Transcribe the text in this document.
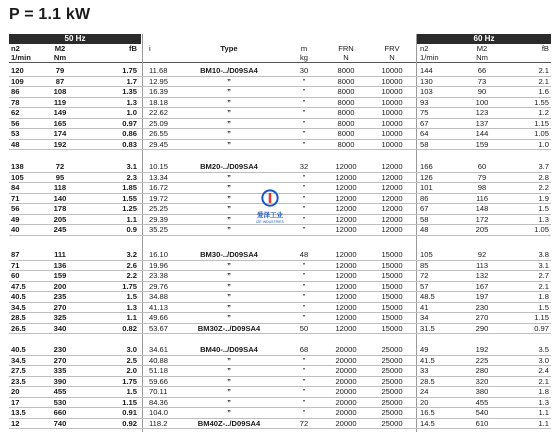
P = 1.1 kW
50 Hz	60 Hz
n2	M2	fB i	Type	m	FRN	FRV	n2	M2	fB
1/min	Nm	kg	N	N	1/min	Nm
120	79	1.75 11.68	BM10-../D09SA4	30	8000	10000	144	66	2.1
109	87	1.7 12.95	”	”	8000	10000	130	73	2.1
86	108	1.35 16.39	”	”	8000	10000	103	90	1.6
78	119	1.3 18.18	”	”	8000	10000	93	100	1.55
62	149	1.0 22.62	”	”	8000	10000	75	123	1.2
56	165	0.97 25.09	”	”	8000	10000	67	137	1.15
53	174	0.86 26.55	”	”	8000	10000	64	144	1.05
48	192	0.83 29.45	”	”	8000	10000	58	159	1.0
138	72	3.1 10.15	BM20-../D09SA4	32	12000	12000	166	60	3.7
105	95	2.3 13.34	”	”	12000	12000	126	79	2.8
84	118	1.85 16.72	”	”	12000	12000	101	98	2.2
71	140	1.55 19.72	”	”	12000	12000	86	116	1.9
56	178	1.25 25.25	”	”	12000	12000	67	148	1.5
49	205	1.1 29.39	”	”	12000	12000	58	172	1.3
40	245	0.9 35.25	”	”	12000	12000	48	205	1.05
87	111	3.2 16.10	BM30-../D09SA4	48	12000	15000	105	92	3.8
71	136	2.6 19.96	”	”	12000	15000	85	113	3.1
60	159	2.2 23.38	”	”	12000	15000	72	132	2.7
47.5	200	1.75 29.76	”	”	12000	15000	57	167	2.1
40.5	235	1.5 34.88	”	”	12000	15000	48.5	197	1.8
34.5	270	1.3 41.13	”	”	12000	15000	41	230	1.5
28.5	325	1.1 49.66	”	”	12000	15000	34	270	1.15
26.5	340	0.82 53.67	BM30Z-../D09SA4	50	12000	15000	31.5	290	0.97
40.5	230	3.0 34.61	BM40-../D09SA4	68	20000	25000	49	192	3.5
34.5	270	2.5 40.88	”	”	20000	25000	41.5	225	3.0
27.5	335	2.0 51.18	”	”	20000	25000	33	280	2.4
23.5	390	1.75 59.66	”	”	20000	25000	28.5	320	2.1
20	455	1.5 70.11	”	”	20000	25000	24	380	1.8
17	530	1.15 84.36	”	”	20000	25000	20	455	1.3
13.5	660	0.91 104.0	”	”	20000	25000	16.5	540	1.1
12	740	0.92 118.2	BM40Z-../D09SA4	72	20000	25000	14.5	610	1.1
爱泽工业
IZE INDUSTRIES
